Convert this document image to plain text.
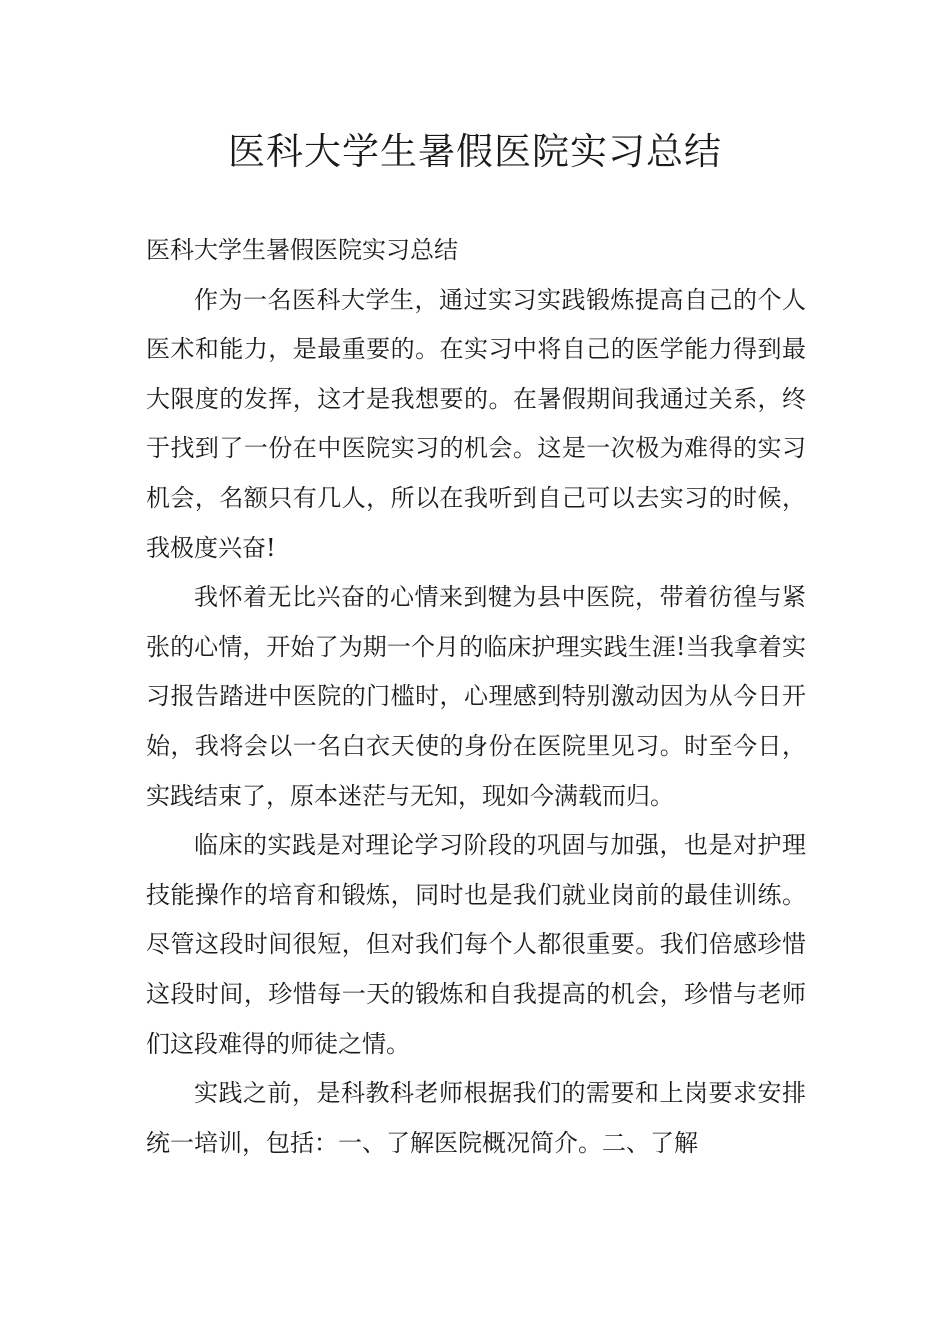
医科大学生暑假医院实习总结

医科大学生暑假医院实习总结

作为一名医科大学生，通过实习实践锻炼提高自己的个人医术和能力，是最重要的。在实习中将自己的医学能力得到最大限度的发挥，这才是我想要的。在暑假期间我通过关系，终于找到了一份在中医院实习的机会。这是一次极为难得的实习机会，名额只有几人，所以在我听到自己可以去实习的时候，我极度兴奋!

我怀着无比兴奋的心情来到犍为县中医院，带着彷徨与紧张的心情，开始了为期一个月的临床护理实践生涯!当我拿着实习报告踏进中医院的门槛时，心理感到特别激动因为从今日开始，我将会以一名白衣天使的身份在医院里见习。时至今日，实践结束了，原本迷茫与无知，现如今满载而归。

临床的实践是对理论学习阶段的巩固与加强，也是对护理技能操作的培育和锻炼，同时也是我们就业岗前的最佳训练。尽管这段时间很短，但对我们每个人都很重要。我们倍感珍惜这段时间，珍惜每一天的锻炼和自我提高的机会，珍惜与老师们这段难得的师徒之情。

实践之前，是科教科老师根据我们的需要和上岗要求安排统一培训，包括：一、了解医院概况简介。二、了解
